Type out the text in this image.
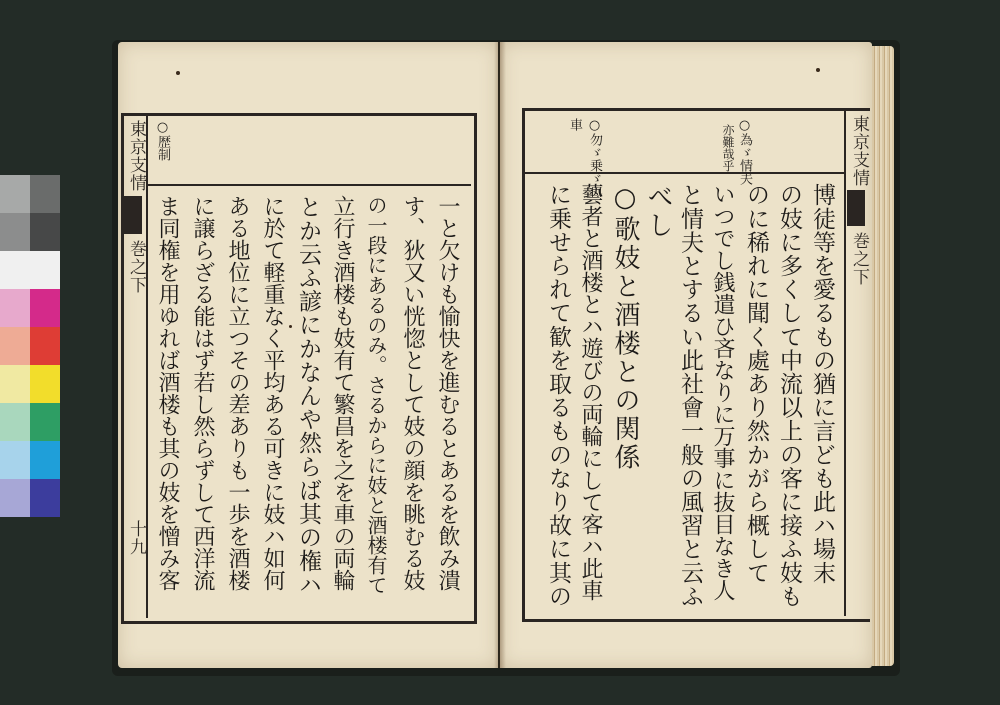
東京支情
巻之下
十九
○歴制
一と欠けも愉快を進むるとあるを飲み潰
す、狄又い恍惚として妓の顔を眺むる妓
の一段にあるのみ。さるからに妓と酒楼有て
立行き酒楼も妓有て繁昌を之を車の両輪
とか云ふ諺にかなんや然らば其の権ハ
に於て軽重なく平均ある可きに妓ハ如何
ある地位に立つその差ありも一歩を酒楼
に譲らざる能はず若し然らずして西洋流
ま同権を用ゆれば酒楼も其の妓を憎み客
東京支情
巻之下
○為ゞ情夫
亦難哉乎
○勿ゞ乗ゞ口
車
博徒等を愛るもの猶に言ども此ハ場末
の妓に多くして中流以上の客に接ふ妓も
のに稀れに聞く處あり然かがら概して
いつでし銭遣ひ吝なりに万事に抜目なき人
と情夫とするい此社會一般の風習と云ふ
べし
○歌妓と酒楼との関係
藝者と酒楼とハ遊びの両輪にして客ハ此車
に乗せられて歓を取るものなり故に其の
